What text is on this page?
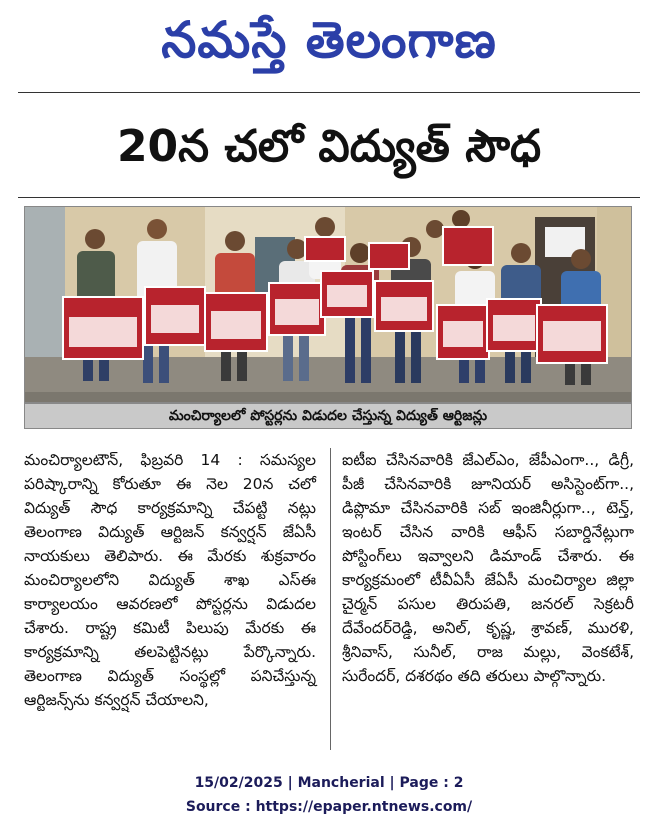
నమస్తే తెలంగాణ
20న చలో విద్యుత్ సౌధ
మంచిర్యాలలో పోస్టర్లను విడుదల చేస్తున్న విద్యుత్ ఆర్టిజన్లు
మంచిర్యాలటౌన్, ఫిబ్రవరి 14 : సమస్యల పరిష్కారాన్ని కోరుతూ ఈ నెల 20న చలో విద్యుత్ సౌధ కార్యక్రమాన్ని చేపట్టి నట్లు తెలంగాణ విద్యుత్ ఆర్టిజన్ కన్వర్షన్ జేఏసీ నాయకులు తెలిపారు. ఈ మేరకు శుక్రవారం మంచిర్యాలలోని విద్యుత్ శాఖ ఎస్ఈ కార్యాలయం ఆవరణలో పోస్టర్లను విడుదల చేశారు. రాష్ట్ర కమిటీ పిలుపు మేరకు ఈ కార్యక్రమాన్ని తలపెట్టినట్లు పేర్కొన్నారు. తెలంగాణ విద్యుత్ సంస్థల్లో పనిచేస్తున్న ఆర్టిజన్స్‌ను కన్వర్షన్ చేయాలని,
ఐటీఐ చేసినవారికి జేఎల్ఎం, జేపీఎంగా.., డిగ్రీ, పీజీ చేసినవారికి జూనియర్ అసిస్టెంట్‌గా.., డిప్లొమా చేసినవారికి సబ్ ఇంజినీర్లుగా.., టెన్త్, ఇంటర్ చేసిన వారికి ఆఫీస్ సబార్డినేట్లుగా పోస్టింగ్‌లు ఇవ్వాలని డిమాండ్‌ చేశారు. ఈ కార్యక్రమంలో టీవీఏసీ జేఏసీ మంచిర్యాల జిల్లా చైర్మన్ పసుల తిరుపతి, జనరల్ సెక్రటరీ దేవేందర్‌రెడ్డి, అనిల్, కృష్ణ, శ్రావణ్, మురళి, శ్రీనివాస్, సునీల్, రాజ మల్లు, వెంకటేశ్, సురేందర్, దశరథం తది తరులు పాల్గొన్నారు.
15/02/2025 | Mancherial | Page : 2
Source : https://epaper.ntnews.com/
